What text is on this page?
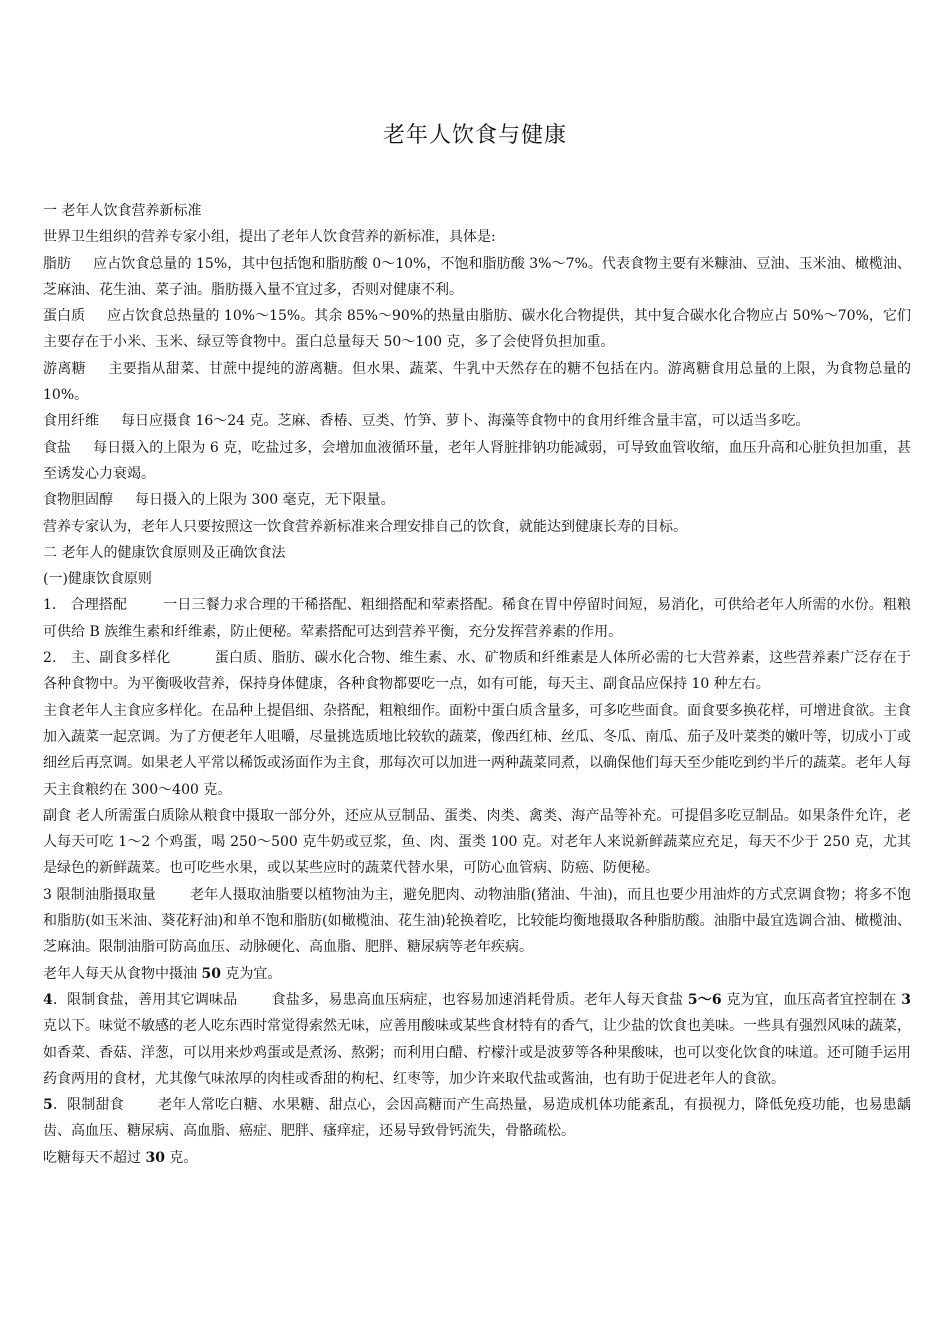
老年人饮食与健康

一 老年人饮食营养新标准

世界卫生组织的营养专家小组，提出了老年人饮食营养的新标准，具体是:

脂肪 应占饮食总量的 15%，其中包括饱和脂肪酸 0～10%，不饱和脂肪酸 3%～7%。代表食物主要有米糠油、豆油、玉米油、橄榄油、芝麻油、花生油、菜子油。脂肪摄入量不宜过多，否则对健康不利。

蛋白质 应占饮食总热量的 10%～15%。其余 85%～90%的热量由脂肪、碳水化合物提供，其中复合碳水化合物应占 50%～70%，它们主要存在于小米、玉米、绿豆等食物中。蛋白总量每天 50～100 克，多了会使肾负担加重。

游离糖 主要指从甜菜、甘蔗中提纯的游离糖。但水果、蔬菜、牛乳中天然存在的糖不包括在内。游离糖食用总量的上限，为食物总量的 10%。

食用纤维 每日应摄食 16～24 克。芝麻、香椿、豆类、竹笋、萝卜、海藻等食物中的食用纤维含量丰富，可以适当多吃。

食盐 每日摄入的上限为 6 克，吃盐过多，会增加血液循环量，老年人肾脏排钠功能减弱，可导致血管收缩，血压升高和心脏负担加重，甚至诱发心力衰竭。

食物胆固醇 每日摄入的上限为 300 毫克，无下限量。

营养专家认为，老年人只要按照这一饮食营养新标准来合理安排自己的饮食，就能达到健康长寿的目标。

二 老年人的健康饮食原则及正确饮食法

(一)健康饮食原则

1． 合理搭配	一日三餐力求合理的干稀搭配、粗细搭配和荤素搭配。稀食在胃中停留时间短，易消化，可供给老年人所需的水份。粗粮可供给 B 族维生素和纤维素，防止便秘。荤素搭配可达到营养平衡，充分发挥营养素的作用。

2． 主、副食多样化	蛋白质、脂肪、碳水化合物、维生素、水、矿物质和纤维素是人体所必需的七大营养素，这些营养素广泛存在于各种食物中。为平衡吸收营养，保持身体健康，各种食物都要吃一点，如有可能，每天主、副食品应保持 10 种左右。

主食老年人主食应多样化。在品种上提倡细、杂搭配，粗粮细作。面粉中蛋白质含量多，可多吃些面食。面食要多换花样，可增进食欲。主食加入蔬菜一起烹调。为了方便老年人咀嚼，尽量挑选质地比较软的蔬菜，像西红柿、丝瓜、冬瓜、南瓜、茄子及叶菜类的嫩叶等，切成小丁或细丝后再烹调。如果老人平常以稀饭或汤面作为主食，那每次可以加进一两种蔬菜同煮，以确保他们每天至少能吃到约半斤的蔬菜。老年人每天主食粮约在 300～400 克。

副食 老人所需蛋白质除从粮食中摄取一部分外，还应从豆制品、蛋类、肉类、禽类、海产品等补充。可提倡多吃豆制品。如果条件允许，老人每天可吃 1～2 个鸡蛋，喝 250～500 克牛奶或豆浆，鱼、肉、蛋类 100 克。对老年人来说新鲜蔬菜应充足，每天不少于 250 克，尤其是绿色的新鲜蔬菜。也可吃些水果，或以某些应时的蔬菜代替水果，可防心血管病、防癌、防便秘。

3 限制油脂摄取量 老年人摄取油脂要以植物油为主，避免肥肉、动物油脂(猪油、牛油)，而且也要少用油炸的方式烹调食物；将多不饱和脂肪(如玉米油、葵花籽油)和单不饱和脂肪(如橄榄油、花生油)轮换着吃，比较能均衡地摄取各种脂肪酸。油脂中最宜选调合油、橄榄油、芝麻油。限制油脂可防高血压、动脉硬化、高血脂、肥胖、糖尿病等老年疾病。

老年人每天从食物中摄油 50 克为宜。

4．限制食盐，善用其它调味品 食盐多，易患高血压病症，也容易加速消耗骨质。老年人每天食盐 5～6 克为宜，血压高者宜控制在 3 克以下。味觉不敏感的老人吃东西时常觉得索然无味，应善用酸味或某些食材特有的香气，让少盐的饮食也美味。一些具有强烈风味的蔬菜，如香菜、香菇、洋葱，可以用来炒鸡蛋或是煮汤、熬粥；而利用白醋、柠檬汁或是波萝等各种果酸味，也可以变化饮食的味道。还可随手运用药食两用的食材，尤其像气味浓厚的肉桂或香甜的枸杞、红枣等，加少许来取代盐或酱油，也有助于促进老年人的食欲。

5．限制甜食 老年人常吃白糖、水果糖、甜点心，会因高糖而产生高热量，易造成机体功能紊乱，有损视力，降低免疫功能，也易患龋齿、高血压、糖尿病、高血脂、癌症、肥胖、瘙痒症，还易导致骨钙流失，骨骼疏松。

吃糖每天不超过 30 克。
